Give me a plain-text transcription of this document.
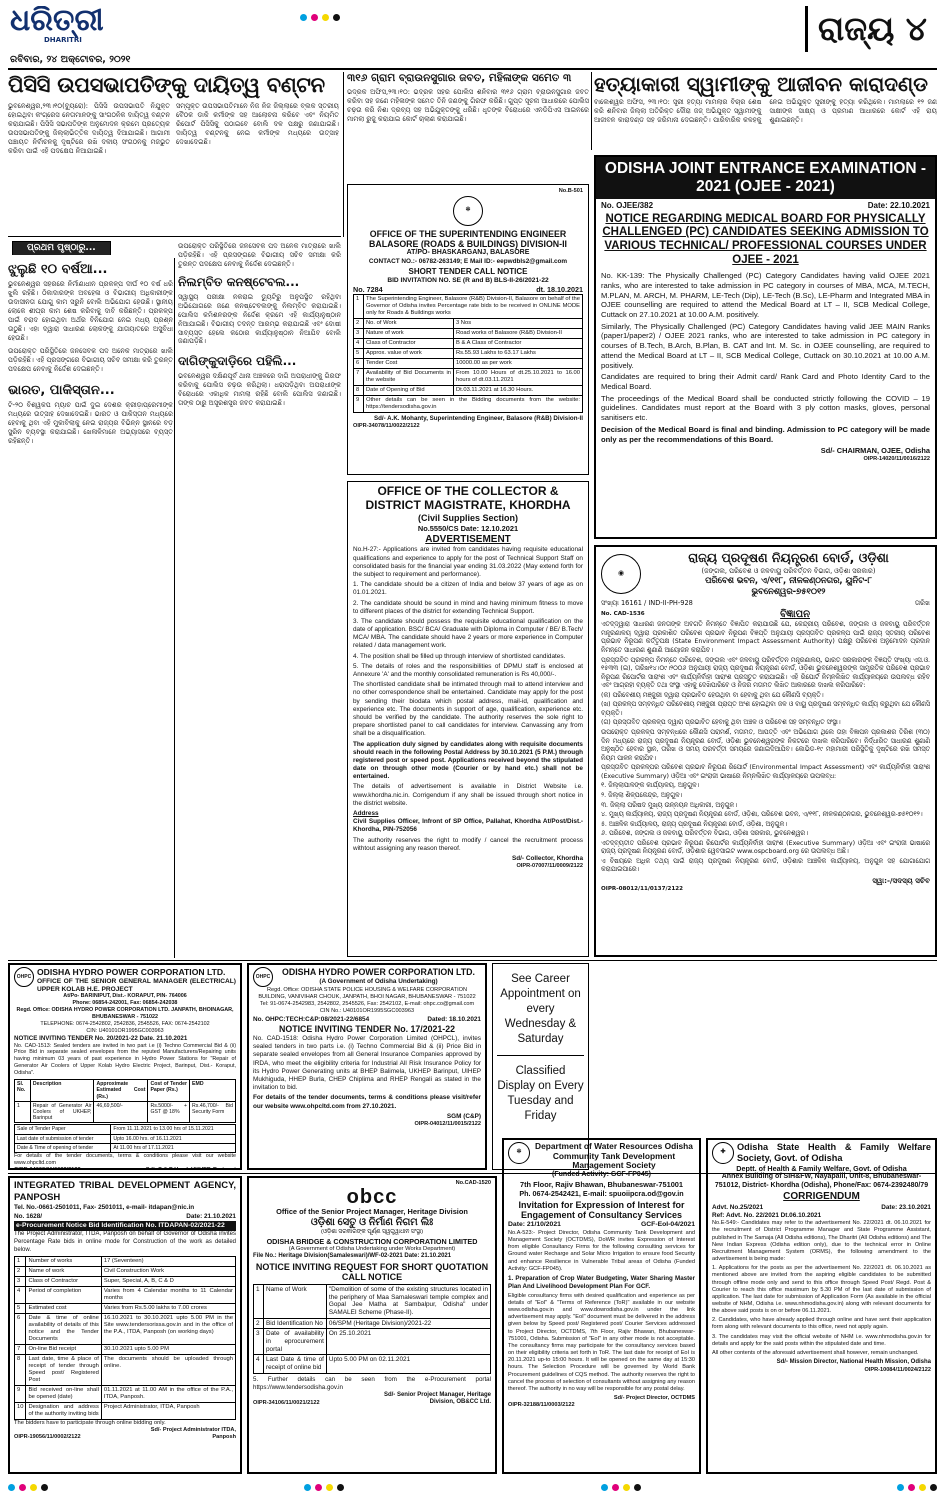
ଧରିତ୍ରୀ
DHARITRI
ରବିବାର, ୨୪ ଅକ୍ଟୋବର, ୨୦୨୧
ରାଜ୍ୟ ୪
ପିସିସି ଉପସଭାପତିଙ୍କୁ ଦାୟିତ୍ୱ ବଣ୍ଟନ	୩୧୬ ଗ୍ରାମ ବ୍ରାଉନସୁଗାର ଜବତ, ମହିଳାଙ୍କ ସମେତ ୩	ହତ୍ୟାକାରୀ ସ୍ୱାମୀଙ୍କୁ ଆଜୀବନ କାରାଦଣ୍ଡ

ଭୁବନେଶ୍ୱର,୨୩।୧୦(ବ୍ୟୁରୋ): ପିସିସି ଉପସଭାପତି ନିଯୁକ୍ତ ହୋଇଥିବା କଂଗ୍ରେସ ନେତାମାନଙ୍କୁ ସାଂଗଠନିକ ଦାୟିତ୍ୱ ବଣ୍ଟନ କରାଯାଇଛି। ପିସିସି ସଭାପତିଙ୍କ ଅନୁମୋଦନ କ୍ରମେ ପ୍ରତ୍ୟେକ ଉପସଭାପତିଙ୍କୁ ଜିଲ୍ଲାଭିତ୍ତିକ ଦାୟିତ୍ୱ ଦିଆଯାଇଛି। ଆଗାମୀ ପଞ୍ଚାୟତ ନିର୍ବାଚନକୁ ଦୃଷ୍ଟିରେ ରଖି ଦଳୀୟ ସଂଗଠନକୁ ମଜଭୁତ କରିବା ପାଇଁ ଏହି ପଦକ୍ଷେପ ନିଆଯାଇଛି।

ସମ୍ପୃକ୍ତ ଉପସଭାପତିମାନେ ନିଜ ନିଜ ଜିଲ୍ଲାରେ ବ୍ଲକ ସ୍ତରୀୟ ବୈଠକ ଡାକି କର୍ମୀଙ୍କ ସହ ଆଲୋଚନା କରିବେ ଏବଂ ନିୟମିତ ରିପୋର୍ଟ ପିସିସିକୁ ପଠାଇବେ ବୋଲି ଦଳ ପକ୍ଷରୁ ଜଣାଯାଇଛି। ଦାୟିତ୍ୱ ବଣ୍ଟନକୁ ନେଇ କର୍ମୀଙ୍କ ମଧ୍ୟରେ ଉତ୍ସାହ ଦେଖାଦେଇଛି।

ଭଦ୍ରକ ଅଫିସ,୨୩।୧୦: ଭଦ୍ରକ ସହର ପୋଲିସ ଶନିବାର ୩୧୬ ଗ୍ରାମ ବ୍ରାଉନସୁଗାର ଜବତ କରିବା ସହ ଜଣେ ମହିଳାଙ୍କ ସମେତ ତିନି ଜଣଙ୍କୁ ଗିରଫ କରିଛି। ଗୁପ୍ତ ସୂଚନା ଆଧାରରେ ପୋଲିସ ଚଢ଼ଉ କରି ନିଶା ଦ୍ରବ୍ୟ ସହ ଅଭିଯୁକ୍ତଙ୍କୁ ଧରିଛି। ଧୃତଙ୍କ ବିରୋଧରେ ଏନଡିପିଏସ ଆଇନରେ ମାମଲା ରୁଜୁ କରାଯାଇ କୋର୍ଟ ଚାଲାଣ କରାଯାଇଛି।

ବାଲେଶ୍ୱର ଅଫିସ, ୨୩।୧୦: ସ୍ତ୍ରୀ ହତ୍ୟା ମାମଲାର ବିଚାର ଶେଷ କରି ଶନିବାର ଜିଲ୍ଲା ଅତିରିକ୍ତ ଦୌରା ଜଜ୍ ଅଭିଯୁକ୍ତ ସ୍ୱାମୀଙ୍କୁ ଆଜୀବନ କାରାଦଣ୍ଡ ସହ ଜରିମାନା ଦେଇଛନ୍ତି। ପାରିବାରିକ କଳହକୁ ନେଇ ଅଭିଯୁକ୍ତ ସ୍ତ୍ରୀଙ୍କୁ ହତ୍ୟା କରିଥିଲେ। ମାମଲାରେ ୧୨ ଜଣ ସାକ୍ଷୀଙ୍କ ସାକ୍ଷ୍ୟ ଓ ପ୍ରମାଣ ଆଧାରରେ କୋର୍ଟ ଏହି ରାୟ ଶୁଣାଇଛନ୍ତି।

ପ୍ରଥମ ପୃଷ୍ଠାରୁ...
ଝୁଲୁଛି ୧୦ ବର୍ଷଆ...

ଭୁବନେଶ୍ୱର ସହରରେ ନିର୍ମାଣାଧୀନ ପ୍ରକଳ୍ପ ଦୀର୍ଘ ୧୦ ବର୍ଷ ଧରି ଝୁଲି ରହିଛି। ଠିକାଦାରଙ୍କ ଅବହେଳା ଓ ବିଭାଗୀୟ ଅଧିକାରୀଙ୍କ ଉଦାସୀନତା ଯୋଗୁ କାମ ସରୁନି ବୋଲି ଅଭିଯୋଗ ହେଉଛି। ସ୍ଥାନୀୟ ଲୋକେ ଶୀଘ୍ର କାମ ଶେଷ କରିବାକୁ ଦାବି କରିଛନ୍ତି। ପ୍ରକଳ୍ପ ପାଇଁ ବରାଦ ହୋଇଥିବା ଅର୍ଥର ବିନିଯୋଗ ନେଇ ମଧ୍ୟ ପ୍ରଶ୍ନ ଉଠୁଛି। ଏହା ଦ୍ୱାରା ସାଧାରଣ ଲୋକଙ୍କୁ ଯାତାୟାତରେ ଅସୁବିଧା ହେଉଛି।

ଉପରୋକ୍ତ ପରିସ୍ଥିତିରେ ଜନସେବକ ପଦ ଅନେକ ମାତ୍ରାରେ ଖାଲି ପଡ଼ିରହିଛି। ଏହି ପ୍ରସଙ୍ଗରେ ବିଭାଗୀୟ ସଚିବ ସମୀକ୍ଷା କରି ତୁରନ୍ତ ପଦକ୍ଷେପ ନେବାକୁ ନିର୍ଦ୍ଦେଶ ଦେଇଛନ୍ତି।

ଭାରତ, ପାକିସ୍ତାନ...

ଟି-୨୦ ବିଶ୍ୱକପ ମ୍ୟାଚ ପାଇଁ ଦୁଇ ଦେଶର କ୍ରୀଡ଼ାପ୍ରେମୀଙ୍କ ମଧ୍ୟରେ ଉତ୍ସାହ ଦେଖାଦେଇଛି। ଭାରତ ଓ ପାକିସ୍ତାନ ମଧ୍ୟରେ ହେବାକୁ ଥିବା ଏହି ମୁକାବିଲାକୁ ନେଇ ରାଜ୍ୟର ବିଭିନ୍ନ ସ୍ଥାନରେ ବଡ଼ ସ୍କ୍ରିନ ବ୍ୟବସ୍ଥା କରାଯାଇଛି। ଖେଳାଳିମାନେ ଅଭ୍ୟାସରେ ବ୍ୟସ୍ତ ରହିଛନ୍ତି।

ଉପରୋକ୍ତ ପରିସ୍ଥିତିରେ ଜନସେବକ ପଦ ଅନେକ ମାତ୍ରାରେ ଖାଲି ପଡ଼ିରହିଛି। ଏହି ପ୍ରସଙ୍ଗରେ ବିଭାଗୀୟ ସଚିବ ସମୀକ୍ଷା କରି ତୁରନ୍ତ ପଦକ୍ଷେପ ନେବାକୁ ନିର୍ଦ୍ଦେଶ ଦେଇଛନ୍ତି।

ନିଲମ୍ବିତ କନଷ୍ଟେବଲ...

ସ୍ୱାସ୍ଥ୍ୟ ପରୀକ୍ଷା ନକରାଇ ଡ୍ୟୁଟିରୁ ଅନୁପସ୍ଥିତ ରହିଥିବା ଅଭିଯୋଗରେ ଜଣେ କନଷ୍ଟେବଲଙ୍କୁ ନିଲମ୍ବିତ କରାଯାଇଛି। ପୋଲିସ କମିଶନରଙ୍କ ନିର୍ଦ୍ଦେଶ କ୍ରମେ ଏହି କାର୍ଯ୍ୟାନୁଷ୍ଠାନ ନିଆଯାଇଛି। ବିଭାଗୀୟ ତଦନ୍ତ ଆରମ୍ଭ କରାଯାଇଛି ଏବଂ ଦୋଷୀ ସାବ୍ୟସ୍ତ ହେଲେ କଠୋର କାର୍ଯ୍ୟାନୁଷ୍ଠାନ ନିଆଯିବ ବୋଲି ଜଣାପଡ଼ିଛି।

ଦାଗିଙ୍କୁଦାଡ଼ିରେ ପହିଲି...

ଭବନେଶ୍ୱର ଦକ୍ଷିଣପୂର୍ବ ଥାନା ଅଞ୍ଚଳରେ ଦାଗି ଅପରାଧୀଙ୍କୁ ଗିରଫ କରିବାକୁ ପୋଲିସ ଚଢ଼ଉ କରିଥିଲା। ଧରାପଡ଼ିଥିବା ଅପରାଧୀଙ୍କ ବିରୋଧରେ ଏକାଧିକ ମାମଲା ରହିଛି ବୋଲି ପୋଲିସ ଜଣାଇଛି। ତାଙ୍କ ଠାରୁ ଅସ୍ତ୍ରଶସ୍ତ୍ର ଜବତ କରାଯାଇଛି।

No.B-501
✲
OFFICE OF THE SUPERINTENDING ENGINEER BALASORE (ROADS & BUILDINGS) DIVISION-II
AT/PO- BHASKARGANJ, BALASORE
CONTACT NO.:- 06782-263149; E Mail ID:- eepwdbls2@gmail.com
SHORT TENDER CALL NOTICE
BID INVITATION NO. SE (R and B) BLS-II-26/2021-22
No. 7284	dt. 18.10.2021
1	The Superintending Engineer, Balasore (R&B) Division-II, Balasore on behalf of the Governor of Odisha invites Percentage rate bids to be received in ONLINE MODE only for Roads & Buildings works	
2	No. of Work	3 Nos
3	Nature of work	Road works of Balasore (R&B) Division-II
4	Class of Contractor	B & A Class of Contractor
5	Approx. value of work	Rs.55.93 Lakhs to 63.17 Lakhs
6	Tender Cost	10000.00 as per work
7	Availability of Bid Documents in the website	From 10.00 Hours of dt.25.10.2021 to 16.00 hours of dt.03.11.2021
8	Date of Opening of Bid	Dt.03.11.2021 at 16.30 Hours.
9	Other details can be seen in the Bidding documents from the website: https://tendersodisha.gov.in	
Sd/- A.K. Mohanty, Superintending Engineer, Balasore (R&B) Division-II
OIPR-34078/11/0022/2122
OFFICE OF THE COLLECTOR & DISTRICT MAGISTRATE, KHORDHA
(Civil Supplies Section)
No.5550/CS Date: 12.10.2021
ADVERTISEMENT

No.H-27:- Applications are invited from candidates having requisite educational qualifications and experience to apply for the post of Technical Support Staff on consolidated basis for the financial year ending 31.03.2022 (May extend forth for the subject to requirement and performance).

1. The candidate should be a citizen of India and below 37 years of age as on 01.01.2021.

2. The candidate should be sound in mind and having minimum fitness to move to different places of the district for extending Technical Support.

3. The candidate should possess the requisite educational qualification on the date of application. BSC/ BCA/ Graduate with Diploma in Computer / BE/ B.Tech/ MCA/ MBA. The candidate should have 2 years or more experience in Computer related / data management work.

4. The position shall be filled up through interview of shortlisted candidates.

5. The details of roles and the responsibilities of DPMU staff is enclosed at Annexure 'A' and the monthly consolidated remuneration is Rs 40,000/-.

The shortlisted candidate shall be intimated through mail to attend interview and no other correspondence shall be entertained. Candidate may apply for the post by sending their biodata which postal address, mail-id, qualification and experience etc. The documents in support of age, qualification, experience etc. should be verified by the candidate. The authority reserves the sole right to prepare shortlisted panel to call candidates for interview. Canvassing any from shall be a disqualification.

The application duly signed by candidates along with requisite documents should reach in the following Postal Address by 30.10.2021 (5 P.M.) through registered post or speed post. Applications received beyond the stipulated date on through other mode (Courier or by hand etc.) shall not be entertained.

The details of advertisement is available in District Website i.e. www.khordha.nic.in. Corrigendum if any shall be issued through short notice in the district website.

Address

Civil Supplies Officer, Infront of SP Office, Pallahat, Khordha At/Post/Dist.- Khordha, PIN-752056

The authority reserves the right to modify / cancel the recruitment process withtout assigning any reason thereof.

Sd/- Collector, Khordha
OIPR-07007/11/0009/2122
ODISHA JOINT ENTRANCE EXAMINATION - 2021 (OJEE - 2021)
No. OJEE/382	Date: 22.10.2021
NOTICE REGARDING MEDICAL BOARD FOR PHYSICALLY CHALLENGED (PC) CANDIDATES SEEKING ADMISSION TO VARIOUS TECHNICAL/ PROFESSIONAL COURSES UNDER OJEE - 2021

No. KK-139: The Physically Challenged (PC) Category Candidates having valid OJEE 2021 ranks, who are interested to take admission in PC category in courses of MBA, MCA, M.TECH, M.PLAN, M. ARCH, M. PHARM, LE-Tech (Dip), LE-Tech (B.Sc), LE-Pharm and Integrated MBA in OJEE counselling are required to attend the Medical Board at LT – II, SCB Medical College, Cuttack on 27.10.2021 at 10.00 A.M. positively.

Similarly, The Physically Challenged (PC) Category Candidates having valid JEE MAIN Ranks (paper1/paper2) / OJEE 2021 ranks, who are interested to take admission in PC category in courses of B.Tech, B.Arch, B.Plan, B. CAT and Int. M. Sc. in OJEE counselling, are required to attend the Medical Board at LT – II, SCB Medical College, Cuttack on 30.10.2021 at 10.00 A.M. positively.

Candidates are required to bring their Admit card/ Rank Card and Photo Identity Card to the Medical Board.

The proceedings of the Medical Board shall be conducted strictly following the COVID – 19 guidelines. Candidates must report at the Board with 3 ply cotton masks, gloves, personal sanitisers etc.

Decision of the Medical Board is final and binding. Admission to PC category will be made only as per the recommendations of this Board.

Sd/- CHAIRMAN, OJEE, Odisha
OIPR-14020/11/0016/2122
◉
ରାଜ୍ୟ ପ୍ରଦୂଷଣ ନିୟନ୍ତ୍ରଣ ବୋର୍ଡ, ଓଡ଼ିଶା
(ଜଙ୍ଗଲ, ପରିବେଶ ଓ ଜଳବାୟୁ ପରିବର୍ତ୍ତନ ବିଭାଗ, ଓଡ଼ିଶା ସରକାର)
ପରିବେଶ ଭବନ, ଏ/୧୧୮, ନୀଳକଣ୍ଠନଗର, ୟୁନିଟ-୮
ଭୁବନେଶ୍ୱର-୭୫୧୦୧୨
ସଂଖ୍ୟା 16161 / IND-II-PH-928	ତାରିଖ
No. CAD-1536	ବିଜ୍ଞାପନ

ଏତଦ୍‌ଦ୍ୱାରା ସାଧାରଣ ଜନତାଙ୍କ ଅବଗତି ନିମନ୍ତେ ବିଜ୍ଞାପିତ କରାଯାଉଛି ଯେ, କେନ୍ଦ୍ରୀୟ ପରିବେଶ, ଜଙ୍ଗଲ ଓ ଜଳବାୟୁ ପରିବର୍ତ୍ତନ ମନ୍ତ୍ରଣାଳୟ ଦ୍ୱାରା ପ୍ରକାଶିତ ପରିବେଶ ପ୍ରଭାବ ନିରୂପଣ ବିଜ୍ଞପ୍ତି ଅନୁଯାୟୀ ପ୍ରସ୍ତାବିତ ପ୍ରକଳ୍ପ ପାଇଁ ରାଜ୍ୟ ସ୍ତରୀୟ ପରିବେଶ ପ୍ରଭାବ ନିରୂପଣ କର୍ତ୍ତୃପକ୍ଷ (State Environment Impact Assessment Authority) ପକ୍ଷରୁ ପରିବେଶ ଅନୁମୋଦନ ପ୍ରଦାନ ନିମନ୍ତେ ସାଧାରଣ ଶୁଣାଣି ଆୟୋଜନ କରାଯିବ।

ପ୍ରସ୍ତାବିତ ପ୍ରକଳ୍ପ ନିମନ୍ତେ ପରିବେଶ, ଜଙ୍ଗଲ ଏବଂ ଜଳବାୟୁ ପରିବର୍ତ୍ତନ ମନ୍ତ୍ରଣାଳୟ, ଭାରତ ସରକାରଙ୍କ ବିଜ୍ଞପ୍ତି ସଂଖ୍ୟା ଏସ.ଓ. ୧୫୩୩ (ଇ), ତାରିଖ୧୪।୦୯।୨୦୦୬ ଅନୁଯାୟୀ ରାଜ୍ୟ ପ୍ରଦୂଷଣ ନିୟନ୍ତ୍ରଣ ବୋର୍ଡ, ଓଡ଼ିଶା ଭୁବନେଶ୍ୱରଙ୍କ ସାମ୍ପ୍ରତିକ ପରିବେଶ ପ୍ରଭାବ ନିରୂପଣ ରିପୋର୍ଟର ସାରାଂଶ ଏବଂ କାର୍ଯ୍ୟନିର୍ବାହୀ ସାରାଂଶ ପ୍ରସ୍ତୁତ କରାଯାଇଛି। ଏହି ରିପୋର୍ଟ ନିମ୍ନଲିଖିତ କାର୍ଯ୍ୟାଳୟରେ ଉପଲବ୍ଧ ରହିବ ଏବଂ ଆଗ୍ରହୀ ବ୍ୟକ୍ତି ତଥା ସଂସ୍ଥା ଏହାକୁ ଦେଖିପାରିବେ ଓ ନିଜର ମତାମତ ଲିଖିତ ଆକାରରେ ଦାଖଲ କରିପାରିବେ:

(କ) ପରିବେଶୀୟ ମଞ୍ଜୁରୀ ଦ୍ୱାରା ପ୍ରଭାବିତ ହେଉଥିବା ବା ହେବାକୁ ଥିବା ଯେ କୌଣସି ବ୍ୟକ୍ତି।

(ଖ) ପ୍ରକଳ୍ପ ସମ୍ବନ୍ଧିତ ପରିବେଶୀୟ ମଞ୍ଜୁରୀ ପ୍ରାପ୍ତ ଅଂଶ ହୋଇଥିବା ଜଳ ଓ ବାୟୁ ପ୍ରଦୂଷଣ ସମ୍ବନ୍ଧିତ କାର୍ଯ୍ୟ କରୁଥିବା ଯେ କୌଣସି ବ୍ୟକ୍ତି।

(ଗ) ପ୍ରସ୍ତାବିତ ପ୍ରକଳ୍ପ ଦ୍ୱାରା ପ୍ରଭାବିତ ହେବାକୁ ଥିବା ଅଞ୍ଚଳ ଓ ପରିବେଶ ସହ ସମ୍ବନ୍ଧିତ ସଂସ୍ଥା।

ଉପରୋକ୍ତ ପ୍ରକଳ୍ପ ସମ୍ବନ୍ଧରେ କୌଣସି ପରାମର୍ଶ, ମତାମତ, ଆପତ୍ତି ଏବଂ ଅଭିଯୋଗ ଥିଲେ ତାହା ବିଜ୍ଞାପନ ପ୍ରକାଶର ତିରିଶ (୩୦) ଦିନ ମଧ୍ୟରେ ରାଜ୍ୟ ପ୍ରଦୂଷଣ ନିୟନ୍ତ୍ରଣ ବୋର୍ଡ, ଓଡ଼ିଶା ଭୁବନେଶ୍ୱରଙ୍କ ନିକଟରେ ଦାଖଲ କରିପାରିବେ। ନିର୍ଦ୍ଧାରିତ ସାଧାରଣ ଶୁଣାଣି ଅନୁଷ୍ଠିତ ହେବାର ସ୍ଥାନ, ତାରିଖ ଓ ସମୟ ପରବର୍ତ୍ତୀ ସମୟରେ ଜଣାଇଦିଆଯିବ। କୋଭିଡ-୧୯ ମହାମାରୀ ପରିସ୍ଥିତିକୁ ଦୃଷ୍ଟିରେ ରଖି ସମସ୍ତ ନିୟମ ପାଳନ କରାଯିବ।

ପ୍ରସ୍ତାବିତ ପ୍ରକଳ୍ପର ପରିବେଶ ପ୍ରଭାବ ନିରୂପଣ ରିପୋର୍ଟ (Environmental Impact Assessment) ଏବଂ କାର୍ଯ୍ୟନିର୍ବାହୀ ସାରାଂଶ (Executive Summary) ଓଡ଼ିଆ ଏବଂ ଇଂରାଜୀ ଭାଷାରେ ନିମ୍ନଲିଖିତ କାର୍ଯ୍ୟାଳୟରେ ଉପଲବ୍ଧ:

୧. ଜିଲ୍ଲାପାଳଙ୍କ କାର୍ଯ୍ୟାଳୟ, ଅନୁଗୁଳ।

୨. ଜିଲ୍ଲା ଶିଳ୍ପକେନ୍ଦ୍ର, ଅନୁଗୁଳ।

୩. ଜିଲ୍ଲା ପରିଷଦ ମୁଖ୍ୟ ଉନ୍ନୟନ ଅଧିକାରୀ, ଅନୁଗୁଳ।

୪. ମୁଖ୍ୟ କାର୍ଯ୍ୟାଳୟ, ରାଜ୍ୟ ପ୍ରଦୂଷଣ ନିୟନ୍ତ୍ରଣ ବୋର୍ଡ, ଓଡ଼ିଶା, ପରିବେଶ ଭବନ, ଏ/୧୧୮, ନୀଳକଣ୍ଠନଗର, ଭୁବନେଶ୍ୱର-୭୫୧୦୧୨।

୫. ଆଞ୍ଚଳିକ କାର୍ଯ୍ୟାଳୟ, ରାଜ୍ୟ ପ୍ରଦୂଷଣ ନିୟନ୍ତ୍ରଣ ବୋର୍ଡ, ଓଡ଼ିଶା, ଅନୁଗୁଳ।

୬. ପରିବେଶ, ଜଙ୍ଗଲ ଓ ଜଳବାୟୁ ପରିବର୍ତ୍ତନ ବିଭାଗ, ଓଡ଼ିଶା ସରକାର, ଭୁବନେଶ୍ୱର।

ଏତଦ୍‌ବ୍ୟତୀତ ପରିବେଶ ପ୍ରଭାବ ନିରୂପଣ ରିପୋର୍ଟର କାର୍ଯ୍ୟନିର୍ବାହୀ ସାରାଂଶ (Executive Summary) ଓଡ଼ିଆ ଏବଂ ଇଂରାଜୀ ଭାଷାରେ ରାଜ୍ୟ ପ୍ରଦୂଷଣ ନିୟନ୍ତ୍ରଣ ବୋର୍ଡ, ଓଡ଼ିଶାର ୱେବସାଇଟ www.ospcboard.org ରେ ଉପଲବ୍ଧ ଅଛି।

ଏ ବିଷୟରେ ଅଧିକ ତଥ୍ୟ ପାଇଁ ରାଜ୍ୟ ପ୍ରଦୂଷଣ ନିୟନ୍ତ୍ରଣ ବୋର୍ଡ, ଓଡ଼ିଶାର ଆଞ୍ଚଳିକ କାର୍ଯ୍ୟାଳୟ, ଅନୁଗୁଳ ସହ ଯୋଗାଯୋଗ କରାଯାଇପାରେ।

ସ୍ୱା:-/ସଦସ୍ୟ ସଚିବ
OIPR-08012/11/0137/2122
OHPC ODISHA HYDRO POWER CORPORATION LTD.
OFFICE OF THE SENIOR GENERAL MANAGER (ELECTRICAL) UPPER KOLAB H.E. PROJECT
At/Po- BARINIPUT, Dist.- KORAPUT, PIN- 764006
Phone: 06854-242001, Fax: 06854-242038
Regd. Office: ODISHA HYDRO POWER CORPORATION LTD. JANPATH, BHOINAGAR, BHUBANESWAR - 751022
TELEPHONE: 0674-2542802, 2542836, 2545526, FAX: 0674-2542102
CIN: U40101OR1995GC003963
NOTICE INVITING TENDER No. 20/2021-22 Date. 21.10.2021

No. CAD-1513: Sealed tenders are invited in two part i.e (i) Techno Commercial Bid & (ii) Price Bid in separate sealed envelopes from the reputed Manufacturers/Repairing units having minimum 03 years of past experience in Hydro Power Stations for "Repair of Generator Air Coolers of Upper Kolab Hydro Electric Project, Barinput, Dist.- Koraput, Odisha".

Sl. No.	Description	Approximate Estimated Cost (Rs.)	Cost of Tender Paper (Rs.)	EMD
1	Repair of Generator Air Coolers of UKHEP, Barinput	46,69,500/-	Rs.5000/- + GST @ 18%	Rs.46,700/- Bid Security Form
Sale of Tender Paper	From 11.11.2021 to 13.00 hrs of 15.11.2021
Last date of submission of tender	Upto 16.00 hrs. of 16.11.2021
Date & Time of opening of tender	At 11.00 hrs of 17.11.2021
For details of the tender documents, terms & conditions please visit our website www.ohpcltd.com
OIPR-04002/11/0022/2122	Sd/- C & P Head, UKHEP, Barinput
OHPC	ODISHA HYDRO POWER CORPORATION LTD.
(A Government of Odisha Undertaking)
Regd. Office: ODISHA STATE POLICE HOUSING & WELFARE CORPORATION BUILDING, VANIVIHAR CHOUK, JANPATH, BHOI NAGAR, BHUBANESWAR - 751022
Tel: 91-0674-2542983, 2542802, 2545526, Fax: 2542102, E-mail: ohpc.co@gmail.com
CIN No.: U40101OR1995SGC003963
No. OHPC:TECH:C&P:08/2021-22/6854	Dated: 18.10.2021
NOTICE INVITING TENDER No. 17/2021-22

No. CAD-1518: Odisha Hydro Power Corporation Limited (OHPCL), invites sealed tenders in two parts i.e. (i) Techno Commercial Bid & (ii) Price Bid in separate sealed envelopes from all General Insurance Companies approved by IRDA, who meet the eligibility criteria for Industrial All Risk Insurance Policy for its Hydro Power Generating units at BHEP Balimela, UKHEP Barinput, UIHEP Mukhiguda, HHEP Burla, CHEP Chiplima and RHEP Rengali as stated in the invitation to bid.

For details of the tender documents, terms & conditions please visit/refer our website www.ohpcltd.com from 27.10.2021.

SGM (C&P)
OIPR-04012/11/0015/2122
See Career Appointment on every Wednesday & Saturday
Classified Display on Every Tuesday and Friday
INTEGRATED TRIBAL DEVELOPMENT AGENCY, PANPOSH
Tel. No.-0661-2501011, Fax- 2501011, e-mail- itdapan@nic.in
No. 1628/	Date: 21.10.2021
e-Procurement Notice Bid Identification No. ITDAPAN-02/2021-22

The Project Administrator, ITDA, Panposh on behalf of Governor of Odisha invites Percentage Rate bids in online mode for Construction of the work as detailed below.

1	Number of works	17 (Seventeen)
2	Name of work	Civil Construction Work
3	Class of Contractor	Super, Special, A, B, C & D
4	Period of completion	Varies from 4 Calendar months to 11 Calendar months
5	Estimated cost	Varies from Rs.5.00 lakhs to 7.00 crores
6	Date & time of online availability of details of this notice and the Tender Documents	16.10.2021 to 30.10.2021 upto 5.00 PM in the Site www.tendersorissa.gov.in and in the office of the P.A., ITDA, Panposh (on working days)
7	On-line Bid receipt	30.10.2021 upto 5.00 PM
8	Last date, time & place of receipt of tender through Speed post/ Registered Post	The documents should be uploaded through online.
9	Bid received on-line shall be opened (date)	01.11.2021 at 11.00 AM in the office of the P.A., ITDA, Panposh.
10	Designation and address of the authority inviting bids	Project Administrator, ITDA, Panposh
The bidders have to participate through online bidding only.
OIPR-19056/11/0002/2122
Sd/- Project Administrator ITDA, Panposh
No.CAD-1520
obcc
Office of the Senior Project Manager, Heritage Division
ଓଡ଼ିଶା ସେତୁ ଓ ନିର୍ମାଣ ନିଗମ ଲିଃ
(ଓଡ଼ିଶା ସରକାରଙ୍କ ପୂର୍ଣ୍ଣ ସ୍ୱତ୍ତ୍ୱାଧୀନ ସଂସ୍ଥା)
ODISHA BRIDGE & CONSTRUCTION CORPORATION LIMITED
(A Government of Odisha Undertaking under Works Department)
File No.: Heritage Division(Samaleswari)/WF-02-2021 Date: 21.10.2021
NOTICE INVITING REQUEST FOR SHORT QUOTATION CALL NOTICE
1	Name of Work	"Demolition of some of the existing structures located in the periphery of Maa Samaleswari temple complex and Gopal Jee Matha at Sambalpur, Odisha" under SAMALEI Scheme (Phase-II).
2	Bid Identification No	06/SPM (Heritage Division)/2021-22
3	Date of availability in eprocurement portal	On 25.10.2021
4	Last Date & time of receipt of online bid	Upto 5.00 PM on 02.11.2021
5. Further details can be seen from the e-Procurement portal https://www.tendersodisha.gov.in
OIPR-34106/11/0021/2122
Sd/- Senior Project Manager, Heritage Division, OB&CC Ltd.
✲
Department of Water Resources Odisha Community Tank Development Management Society
(Funded Activity: GCF-FP045)
7th Floor, Rajiv Bhawan, Bhubaneswar-751001
Ph. 0674-2542421, E-mail: spuoiipcra.od@gov.in
Invitation for Expression of Interest for Engagement of Consultancy Services
Date: 21/10/2021	GCF-EoI-04/2021

No.A-523:- Project Director, Odisha Community Tank Development and Management Society (OCTDMS), DoWR invites Expression of Interest from eligible Consultancy Firms for the following consulting services for Ground water Recharge and Solar Micro Irrigation to ensure food Security and enhance Resilience in Vulnerable Tribal areas of Odisha (Funded Activity: GCF-FP045).

1. Preparation of Crop Water Budgeting, Water Sharing Master Plan And Livelihood Development Plan For GCF.

Eligible consultancy firms with desired qualification and experience as per details of "EoI" & "Terms of Reference (ToR)" available in our website www.odisha.gov.in and www.dowrodisha.gov.in under the link advertisement may apply. "EoI" document must be delivered in the address given below by Speed post/ Registered post/ Courier Services addressed to Project Director, OCTDMS, 7th Floor, Rajiv Bhawan, Bhubaneswar-751001, Odisha. Submission of "EoI" in any other mode is not acceptable. The consultancy firms may participate for the consultancy services based on their eligibility criteria set forth in ToR. The last date for receipt of EoI is 20.11.2021 up-to 15:00 hours. It will be opened on the same day at 15:30 hours. The Selection Procedure will be governed by World Bank Procurement guidelines of CQS method. The authority reserves the right to cancel the process of selection of consultants without assigning any reason thereof. The authority in no way will be responsible for any postal delay.

Sd/- Project Director, OCTDMS
OIPR-32188/11/0003/2122
✚
Odisha State Health & Family Welfare Society, Govt. of Odisha
Deptt. of Health & Family Welfare, Govt. of Odisha
Annex Building of SIH&FW, Nayapalli, Unit-8, Bhubaneswar- 751012, District- Khordha (Odisha), Phone/Fax: 0674-2392480/79
CORRIGENDUM
Advt. No.25/2021	Date: 23.10.2021
Ref: Advt. No. 22/2021 Dt.06.10.2021

No.E-549:- Candidates may refer to the advertisement No. 22/2021 dt. 06.10.2021 for the recruitment of District Programme Manager and State Programme Assistant, published in The Samaja (All Odisha editions), The Dharitri (All Odisha editions) and The New Indian Express (Odisha edition only), due to the technical error in Online Recruitment Management System (ORMS), the following amendment to the advertisement is being made:

1. Applications for the posts as per the advertisement No. 22/2021 dt. 06.10.2021 as mentioned above are invited from the aspiring eligible candidates to be submitted through offline mode only and send to this office through Speed Post/ Regd. Post & Courier to reach this office maximum by 5.30 PM of the last date of submission of application. The last date for submission of Application Form (As available in the official website of NHM, Odisha i.e. www.nhmodisha.gov.in) along with relevant documents for the above said posts is on or before 06.11.2021.

2. Candidates, who have already applied through online and have sent their application form along with relevant documents to this office, need not apply again.

3. The candidates may visit the official website of NHM i.e. www.nhmodisha.gov.in for details and apply for the said posts within the stipulated date and time.

All other contents of the aforesaid advertisement shall however, remain unchanged.

Sd/- Mission Director, National Health Mission, Odisha
OIPR-10084/11/0024/2122
